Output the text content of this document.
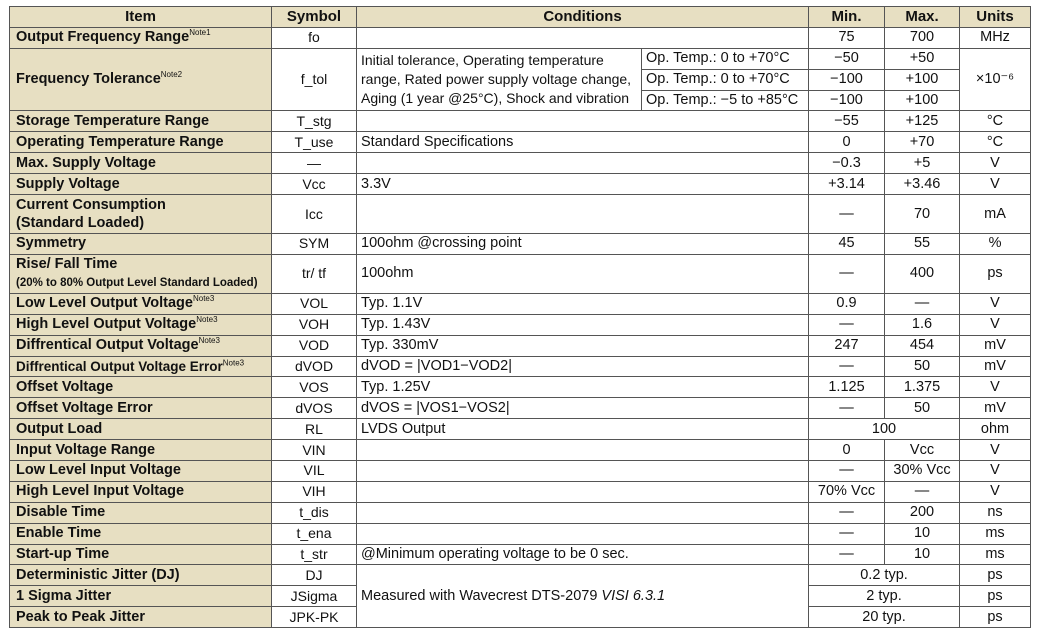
Item	Symbol	Conditions		Min.	Max.	Units
Output Frequency Range$^{Note1}$	fo			75	700	MHz
Frequency Tolerance$^{Note2}$	f_tol	Initial tolerance, Operating temperature range, Rated power supply voltage change, Aging (1 year @25°C), Shock and vibration	Op. Temp.: 0 to +70°C	−50	+50	×10⁻⁶
			Op. Temp.: 0 to +70°C	−100	+100	
			Op. Temp.: −5 to +85°C	−100	+100	
Storage Temperature Range	T_stg			−55	+125	°C
Operating Temperature Range	T_use	Standard Specifications		0	+70	°C
Max. Supply Voltage	—			−0.3	+5	V
Supply Voltage	Vcc	3.3V		+3.14	+3.46	V
Current Consumption
(Standard Loaded)	Icc			—	70	mA
Symmetry	SYM	100ohm @crossing point		45	55	%
Rise/ Fall Time
(20% to 80% Output Level Standard Loaded)	tr/ tf	100ohm		—	400	ps
Low Level Output Voltage$^{Note3}$	VOL	Typ. 1.1V		0.9	—	V
High Level Output Voltage$^{Note3}$	VOH	Typ. 1.43V		—	1.6	V
Diffrentical Output Voltage$^{Note3}$	VOD	Typ. 330mV		247	454	mV
Diffrentical Output Voltage Error$^{Note3}$	dVOD	dVOD = |VOD1−VOD2|		—	50	mV
Offset Voltage	VOS	Typ. 1.25V		1.125	1.375	V
Offset Voltage Error	dVOS	dVOS = |VOS1−VOS2|		—	50	mV
Output Load	RL	LVDS Output		100		ohm
Input Voltage Range	VIN			0	Vcc	V
Low Level Input Voltage	VIL			—	30% Vcc	V
High Level Input Voltage	VIH			70% Vcc	—	V
Disable Time	t_dis			—	200	ns
Enable Time	t_ena			—	10	ms
Start-up Time	t_str	@Minimum operating voltage to be 0 sec.		—	10	ms
Deterministic Jitter (DJ)	DJ	Measured with Wavecrest DTS-2079 VISI 6.3.1		0.2 typ.		ps
1 Sigma Jitter	JSigma			2 typ.		ps
Peak to Peak Jitter	JPK-PK			20 typ.		ps
